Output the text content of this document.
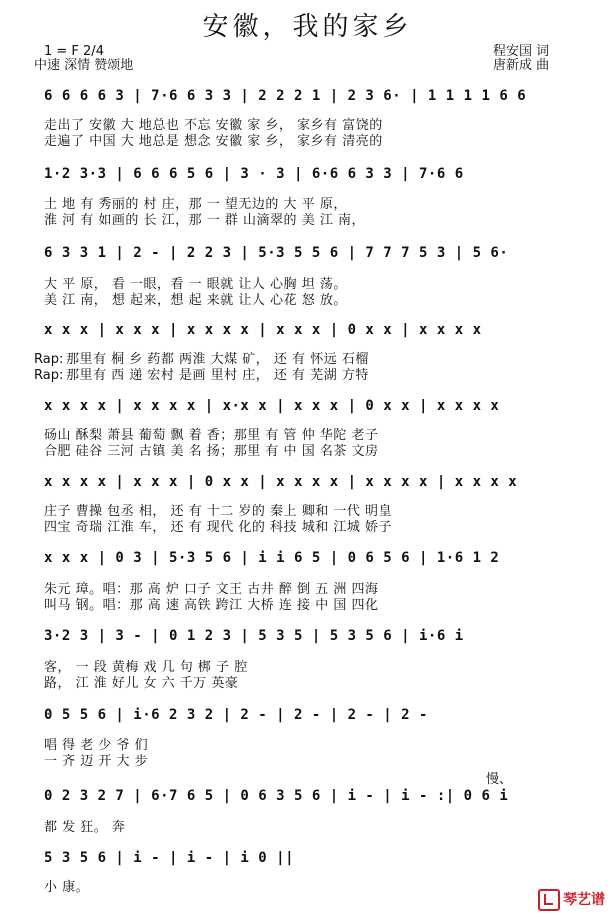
安徽，我的家乡
1 = F 2/4
中速 深情 赞颂地
程安国 词
唐新成 曲
6 6 6 6 3 | 7·6 6 3 3 | 2 2 2 1 | 2 3 6· | 1 1 1 1 6 6
走出了 安徽 大 地总也 不忘 安徽 家 乡， 家乡有 富饶的
走遍了 中国 大 地总是 想念 安徽 家 乡， 家乡有 清亮的
1·2 3·3 | 6 6 6 5 6 | 3 · 3 | 6·6 6 3 3 | 7·6 6
土 地 有 秀丽的 村 庄，那 一 望无边的 大 平 原，
淮 河 有 如画的 长 江，那 一 群 山滴翠的 美 江 南，
6 3 3 1 | 2 - | 2 2 3 | 5·3 5 5 6 | 7 7 7 5 3 | 5 6·
大 平 原， 看 一眼，看 一 眼就 让人 心胸 坦 荡。
美 江 南， 想 起来，想 起 来就 让人 心花 怒 放。
x x x | x x x | x x x x | x x x | 0 x x | x x x x
Rap:
Rap:
那里有 桐 乡 药都 两淮 大煤 矿， 还 有 怀远 石榴
那里有 西 递 宏村 是画 里村 庄， 还 有 芜湖 方特
x x x x | x x x x | x·x x | x x x | 0 x x | x x x x
砀山 酥梨 萧县 葡萄 飘 着 香；那里 有 管 仲 华陀 老子
合肥 硅谷 三河 古镇 美 名 扬；那里 有 中 国 名茶 文房
x x x x | x x x | 0 x x | x x x x | x x x x | x x x x
庄子 曹操 包丞 相， 还 有 十二 岁的 秦上 卿和 一代 明皇
四宝 奇瑞 江淮 车， 还 有 现代 化的 科技 城和 江城 娇子
x x x | 0 3 | 5·3 5 6 | i i 6 5 | 0 6 5 6 | 1·6 1 2
朱元 璋。唱：那 高 炉 口子 文王 古井 醉 倒 五 洲 四海
叫马 钢。唱：那 高 速 高铁 跨江 大桥 连 接 中 国 四化
3·2 3 | 3 - | 0 1 2 3 | 5 3 5 | 5 3 5 6 | i·6 i
客， 一 段 黄梅 戏 几 句 梆 子 腔
路， 江 淮 好儿 女 六 千万 英豪
0 5 5 6 | i·6 2 3 2 | 2 - | 2 - | 2 - | 2 -
唱 得 老 少 爷 们
一 齐 迈 开 大 步
慢、
0 2 3 2 7 | 6·7 6 5 | 0 6 3 5 6 | i - | i - :| 0 6 i
都 发 狂。 奔
5 3 5 6 | i - | i - | i 0 ||
小 康。
琴艺谱
